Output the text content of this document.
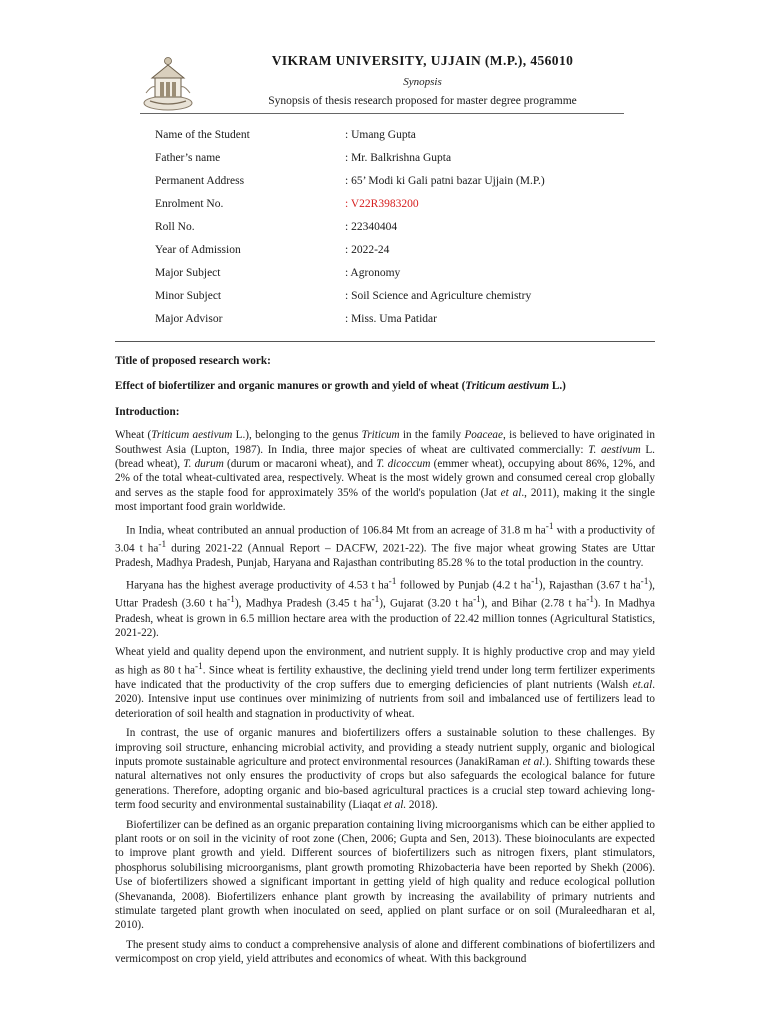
VIKRAM UNIVERSITY, UJJAIN (M.P.), 456010
Synopsis
Synopsis of thesis research proposed for master degree programme
Name of the Student	: Umang Gupta
Father’s name	: Mr. Balkrishna Gupta
Permanent Address	: 65’ Modi ki Gali patni bazar Ujjain (M.P.)
Enrolment No.	: V22R3983200
Roll No.	: 22340404
Year of Admission	: 2022-24
Major Subject	: Agronomy
Minor Subject	: Soil Science and Agriculture chemistry
Major Advisor	: Miss. Uma Patidar

Title of proposed research work:

Effect of biofertilizer and organic manures or growth and yield of wheat (Triticum aestivum L.)

Introduction:

Wheat (Triticum aestivum L.), belonging to the genus Triticum in the family Poaceae, is believed to have originated in Southwest Asia (Lupton, 1987). In India, three major species of wheat are cultivated commercially: T. aestivum L. (bread wheat), T. durum (durum or macaroni wheat), and T. dicoccum (emmer wheat), occupying about 86%, 12%, and 2% of the total wheat-cultivated area, respectively. Wheat is the most widely grown and consumed cereal crop globally and serves as the staple food for approximately 35% of the world's population (Jat et al., 2011), making it the single most important food grain worldwide.

In India, wheat contributed an annual production of 106.84 Mt from an acreage of 31.8 m $ha^{-1}$ with a productivity of 3.04 t $ha^{-1}$ during 2021-22 (Annual Report – DACFW, 2021-22). The five major wheat growing States are Uttar Pradesh, Madhya Pradesh, Punjab, Haryana and Rajasthan contributing 85.28 % to the total production in the country.

Haryana has the highest average productivity of 4.53 t $ha^{-1}$ followed by Punjab (4.2 t $ha^{-1}$), Rajasthan (3.67 t $ha^{-1}$), Uttar Pradesh (3.60 t $ha^{-1}$), Madhya Pradesh (3.45 t $ha^{-1}$), Gujarat (3.20 t $ha^{-1}$), and Bihar (2.78 t $ha^{-1}$). In Madhya Pradesh, wheat is grown in 6.5 million hectare area with the production of 22.42 million tonnes (Agricultural Statistics, 2021-22).

Wheat yield and quality depend upon the environment, and nutrient supply. It is highly productive crop and may yield as high as 80 t $ha^{-1}$. Since wheat is fertility exhaustive, the declining yield trend under long term fertilizer experiments have indicated that the productivity of the crop suffers due to emerging deficiencies of plant nutrients (Walsh et.al. 2020). Intensive input use continues over minimizing of nutrients from soil and imbalanced use of fertilizers lead to deterioration of soil health and stagnation in productivity of wheat.

In contrast, the use of organic manures and biofertilizers offers a sustainable solution to these challenges. By improving soil structure, enhancing microbial activity, and providing a steady nutrient supply, organic and biological inputs promote sustainable agriculture and protect environmental resources (JanakiRaman et al.). Shifting towards these natural alternatives not only ensures the productivity of crops but also safeguards the ecological balance for future generations. Therefore, adopting organic and bio-based agricultural practices is a crucial step toward achieving long-term food security and environmental sustainability (Liaqat et al. 2018).

Biofertilizer can be defined as an organic preparation containing living microorganisms which can be either applied to plant roots or on soil in the vicinity of root zone (Chen, 2006; Gupta and Sen, 2013). These bioinoculants are expected to improve plant growth and yield. Different sources of biofertilizers such as nitrogen fixers, plant stimulators, phosphorus solubilising microorganisms, plant growth promoting Rhizobacteria have been reported by Shekh (2006). Use of biofertilizers showed a significant important in getting yield of high quality and reduce ecological pollution (Shevananda, 2008). Biofertilizers enhance plant growth by increasing the availability of primary nutrients and stimulate targeted plant growth when inoculated on seed, applied on plant surface or on soil (Muraleedharan et al, 2010).

The present study aims to conduct a comprehensive analysis of alone and different combinations of biofertilizers and vermicompost on crop yield, yield attributes and economics of wheat. With this background
